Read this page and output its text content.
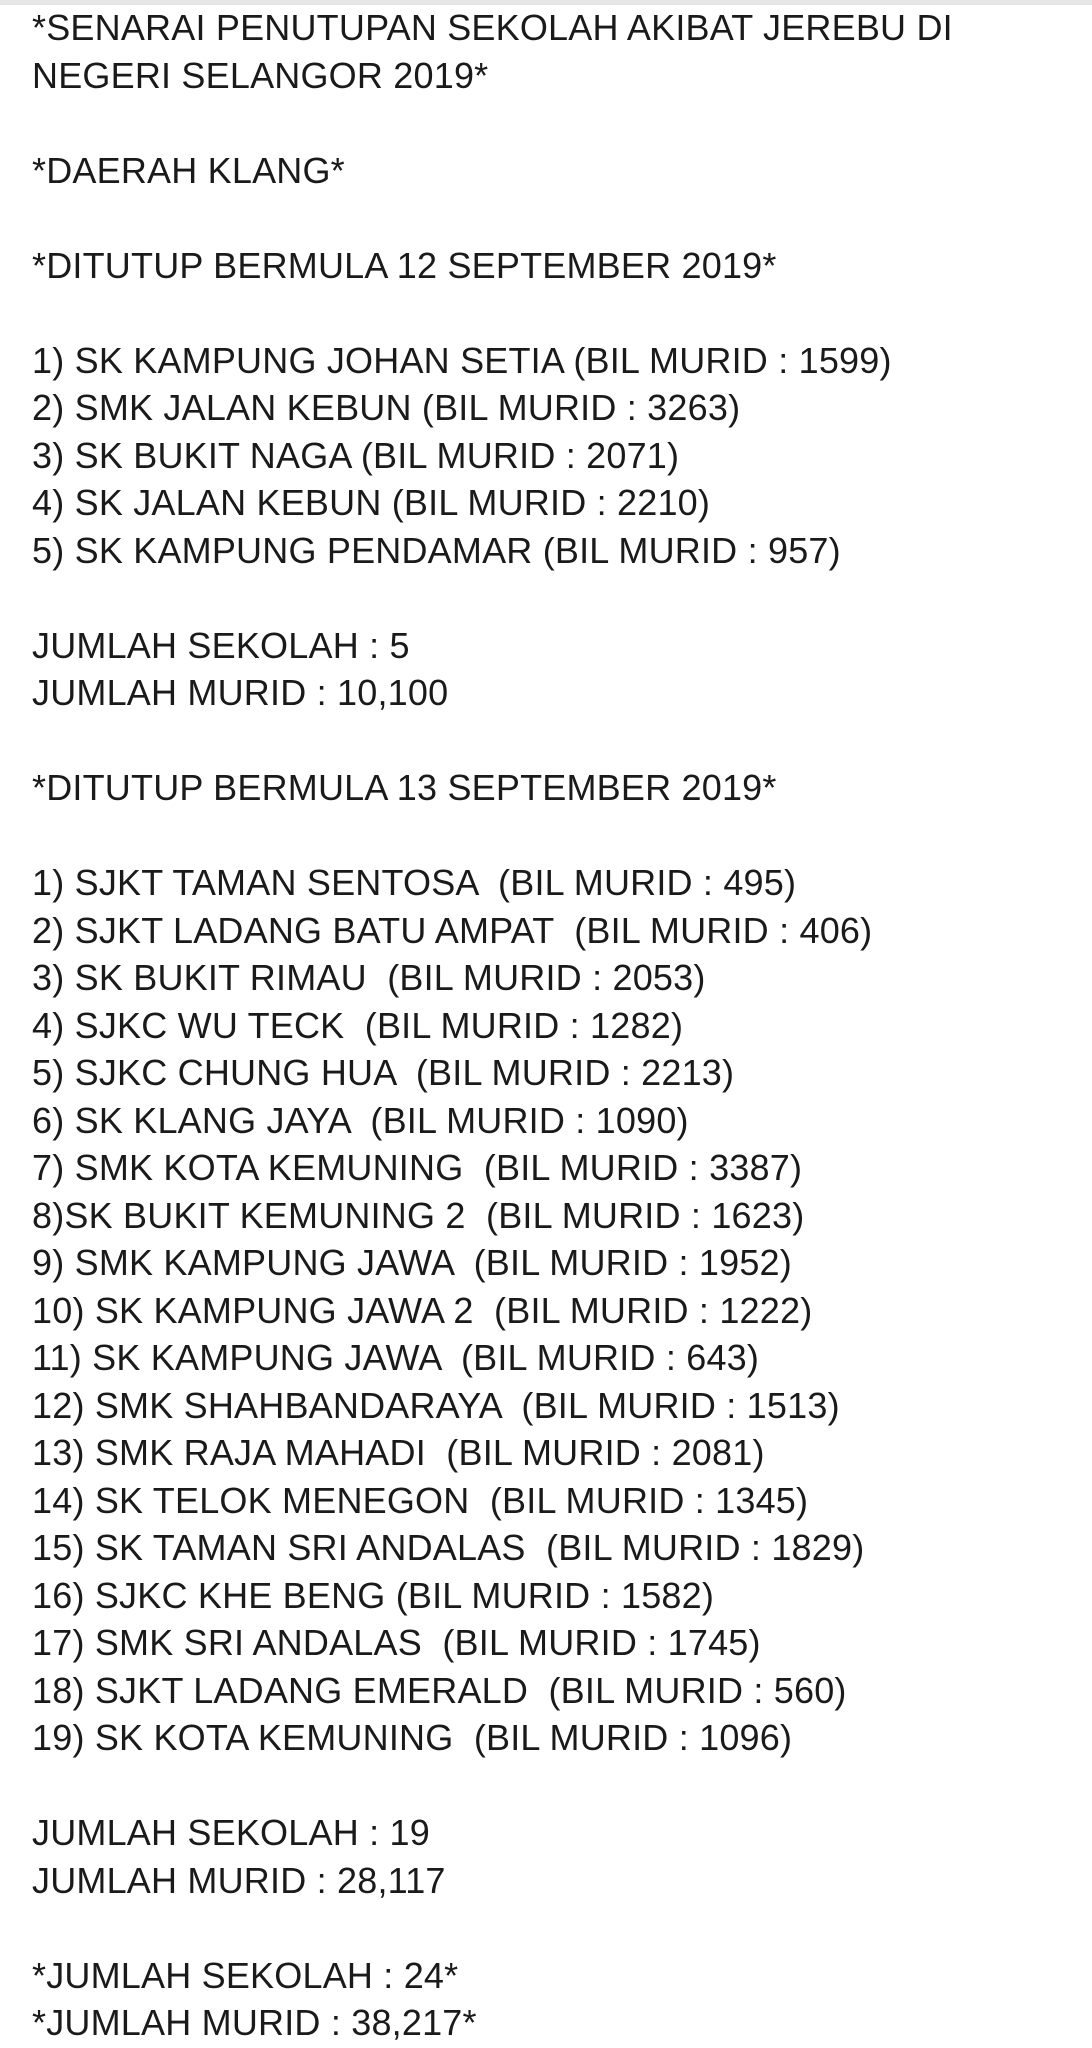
*SENARAI PENUTUPAN SEKOLAH AKIBAT JEREBU DI
NEGERI SELANGOR 2019*
*DAERAH KLANG*
*DITUTUP BERMULA 12 SEPTEMBER 2019*
1) SK KAMPUNG JOHAN SETIA (BIL MURID : 1599)
2) SMK JALAN KEBUN (BIL MURID : 3263)
3) SK BUKIT NAGA (BIL MURID : 2071)
4) SK JALAN KEBUN (BIL MURID : 2210)
5) SK KAMPUNG PENDAMAR (BIL MURID : 957)
JUMLAH SEKOLAH : 5
JUMLAH MURID : 10,100
*DITUTUP BERMULA 13 SEPTEMBER 2019*
1) SJKT TAMAN SENTOSA  (BIL MURID : 495)
2) SJKT LADANG BATU AMPAT  (BIL MURID : 406)
3) SK BUKIT RIMAU  (BIL MURID : 2053)
4) SJKC WU TECK  (BIL MURID : 1282)
5) SJKC CHUNG HUA  (BIL MURID : 2213)
6) SK KLANG JAYA  (BIL MURID : 1090)
7) SMK KOTA KEMUNING  (BIL MURID : 3387)
8)SK BUKIT KEMUNING 2  (BIL MURID : 1623)
9) SMK KAMPUNG JAWA  (BIL MURID : 1952)
10) SK KAMPUNG JAWA 2  (BIL MURID : 1222)
11) SK KAMPUNG JAWA  (BIL MURID : 643)
12) SMK SHAHBANDARAYA  (BIL MURID : 1513)
13) SMK RAJA MAHADI  (BIL MURID : 2081)
14) SK TELOK MENEGON  (BIL MURID : 1345)
15) SK TAMAN SRI ANDALAS  (BIL MURID : 1829)
16) SJKC KHE BENG (BIL MURID : 1582)
17) SMK SRI ANDALAS  (BIL MURID : 1745)
18) SJKT LADANG EMERALD  (BIL MURID : 560)
19) SK KOTA KEMUNING  (BIL MURID : 1096)
JUMLAH SEKOLAH : 19
JUMLAH MURID : 28,117
*JUMLAH SEKOLAH : 24*
*JUMLAH MURID : 38,217*
